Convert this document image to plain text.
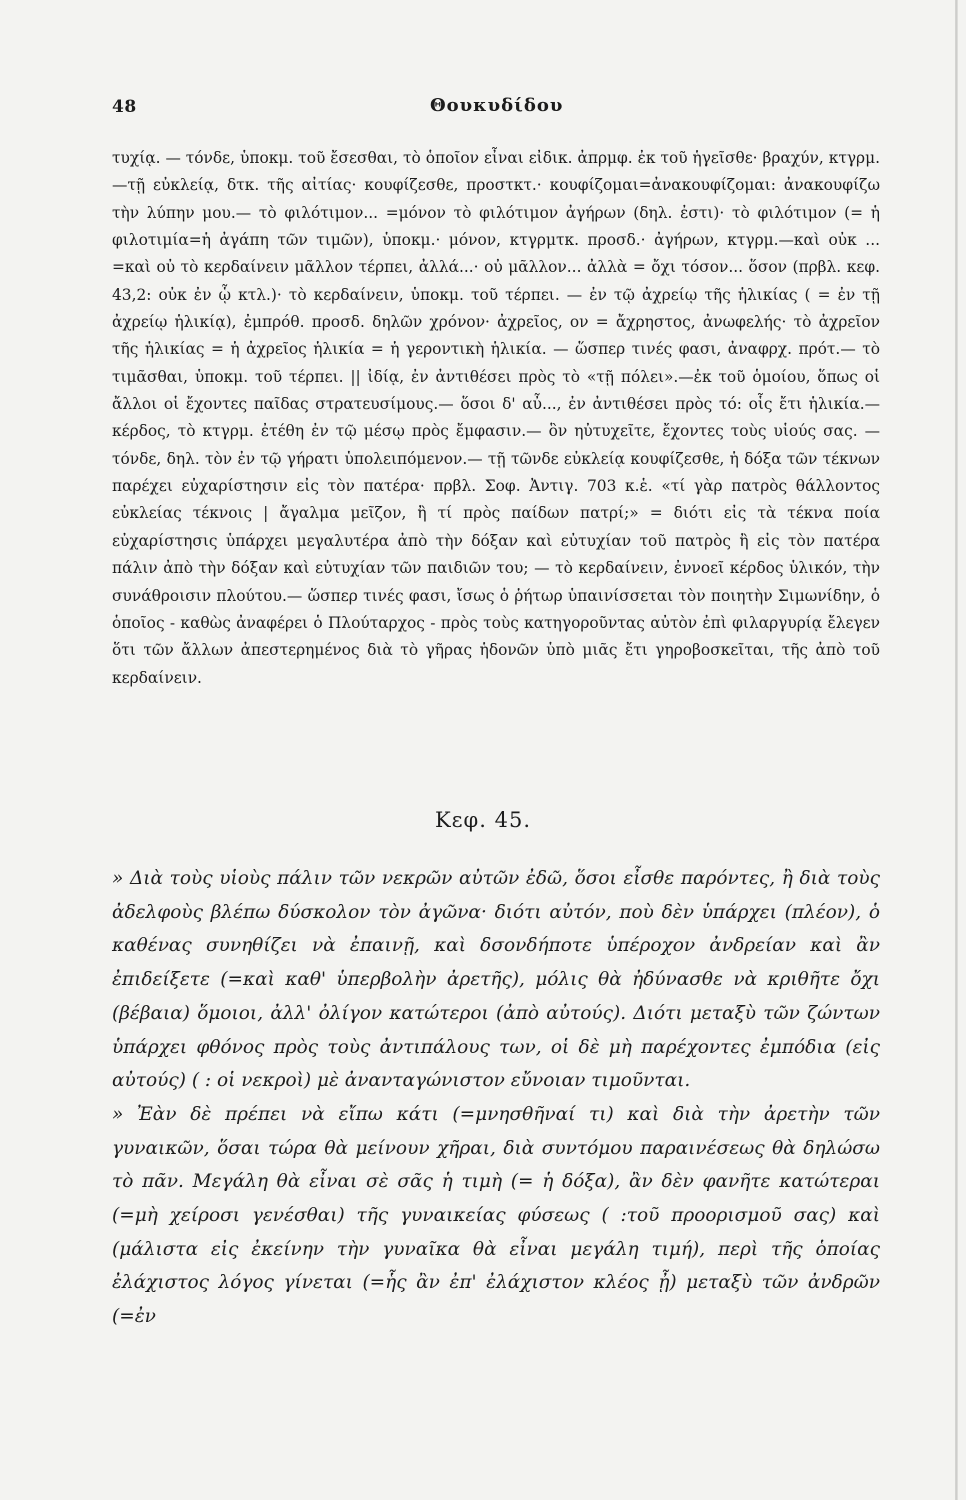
48	Θουκυδίδου

τυχίᾳ. — τόνδε, ὑποκμ. τοῦ ἔσεσθαι, τὸ ὁποῖον εἶναι εἰδικ. ἀπρμφ. ἐκ τοῦ ἡγεῖσθε· βραχύν, κτγρμ.—τῇ εὐκλείᾳ, δτκ. τῆς αἰτίας· κουφίζεσθε, προστκτ.· κουφίζομαι=ἀνακουφίζομαι: ἀνακουφίζω τὴν λύπην μου.— τὸ φιλότιμον... =μόνον τὸ φιλότιμον ἀγήρων (δηλ. ἐστι)· τὸ φιλότιμον (= ἡ φιλοτιμία=ἡ ἀγάπη τῶν τιμῶν), ὑποκμ.· μόνον, κτγρμτκ. προσδ.· ἀγήρων, κτγρμ.—καὶ οὐκ ... =καὶ οὐ τὸ κερδαίνειν μᾶλλον τέρπει, ἀλλά...· οὐ μᾶλλον... ἀλλὰ = ὄχι τόσον... ὅσον (πρβλ. κεφ. 43,2: οὐκ ἐν ᾧ κτλ.)· τὸ κερδαίνειν, ὑποκμ. τοῦ τέρπει. — ἐν τῷ ἀχρείῳ τῆς ἡλικίας ( = ἐν τῇ ἀχρείῳ ἡλικίᾳ), ἐμπρόθ. προσδ. δηλῶν χρόνον· ἀχρεῖος, ον = ἄχρηστος, ἀνωφελής· τὸ ἀχρεῖον τῆς ἡλικίας = ἡ ἀχρεῖος ἡλικία = ἡ γεροντικὴ ἡλικία. — ὥσπερ τινές φασι, ἀναφρχ. πρότ.— τὸ τιμᾶσθαι, ὑποκμ. τοῦ τέρπει. || ἰδίᾳ, ἐν ἀντιθέσει πρὸς τὸ «τῇ πόλει».—ἐκ τοῦ ὁμοίου, ὅπως οἱ ἄλλοι οἱ ἔχοντες παῖδας στρατευσίμους.— ὅσοι δ' αὖ..., ἐν ἀντιθέσει πρὸς τό: οἷς ἔτι ἡλικία.— κέρδος, τὸ κτγρμ. ἐτέθη ἐν τῷ μέσῳ πρὸς ἔμφασιν.— ὃν ηὐτυχεῖτε, ἔχοντες τοὺς υἱούς σας. — τόνδε, δηλ. τὸν ἐν τῷ γήρατι ὑπολειπόμενον.— τῇ τῶνδε εὐκλείᾳ κουφίζεσθε, ἡ δόξα τῶν τέκνων παρέχει εὐχαρίστησιν εἰς τὸν πατέρα· πρβλ. Σοφ. Ἀντιγ. 703 κ.ἑ. «τί γὰρ πατρὸς θάλλοντος εὐκλείας τέκνοις | ἄγαλμα μεῖζον, ἢ τί πρὸς παίδων πατρί;» = διότι εἰς τὰ τέκνα ποία εὐχαρίστησις ὑπάρχει μεγαλυτέρα ἀπὸ τὴν δόξαν καὶ εὐτυχίαν τοῦ πατρὸς ἢ εἰς τὸν πατέρα πάλιν ἀπὸ τὴν δόξαν καὶ εὐτυχίαν τῶν παιδιῶν του; — τὸ κερδαίνειν, ἐννοεῖ κέρδος ὑλικόν, τὴν συνάθροισιν πλούτου.— ὥσπερ τινές φασι, ἴσως ὁ ῥήτωρ ὑπαινίσσεται τὸν ποιητὴν Σιμωνίδην, ὁ ὁποῖος - καθὼς ἀναφέρει ὁ Πλούταρχος - πρὸς τοὺς κατηγοροῦντας αὐτὸν ἐπὶ φιλαργυρίᾳ ἔλεγεν ὅτι τῶν ἄλλων ἀπεστερημένος διὰ τὸ γῆρας ἡδονῶν ὑπὸ μιᾶς ἔτι γηροβοσκεῖται, τῆς ἀπὸ τοῦ κερδαίνειν.

Κεφ. 45.

» Διὰ τοὺς υἱοὺς πάλιν τῶν νεκρῶν αὐτῶν ἐδῶ, ὅσοι εἶσθε παρόντες, ἢ διὰ τοὺς ἀδελφοὺς βλέπω δύσκολον τὸν ἀγῶνα· διότι αὐτόν, ποὺ δὲν ὑπάρχει (πλέον), ὁ καθένας συνηθίζει νὰ ἐπαινῇ, καὶ δσονδήποτε ὑπέροχον ἀνδρείαν καὶ ἂν ἐπιδείξετε (=καὶ καθ' ὑπερβολὴν ἀρετῆς), μόλις θὰ ἠδύνασθε νὰ κριθῆτε ὄχι (βέβαια) ὅμοιοι, ἀλλ' ὀλίγον κατώτεροι (ἀπὸ αὐτούς). Διότι μεταξὺ τῶν ζώντων ὑπάρχει φθόνος πρὸς τοὺς ἀντιπάλους των, οἱ δὲ μὴ παρέχοντες ἐμπόδια (εἰς αὐτούς) ( : οἱ νεκροὶ) μὲ ἀνανταγώνιστον εὔνοιαν τιμοῦνται.

» Ἐὰν δὲ πρέπει νὰ εἴπω κάτι (=μνησθῆναί τι) καὶ διὰ τὴν ἀρετὴν τῶν γυναικῶν, ὅσαι τώρα θὰ μείνουν χῆραι, διὰ συντόμου παραινέσεως θὰ δηλώσω τὸ πᾶν. Μεγάλη θὰ εἶναι σὲ σᾶς ἡ τιμὴ (= ἡ δόξα), ἂν δὲν φανῆτε κατώτεραι (=μὴ χείροσι γενέσθαι) τῆς γυναικείας φύσεως ( :τοῦ προορισμοῦ σας) καὶ (μάλιστα εἰς ἐκείνην τὴν γυναῖκα θὰ εἶναι μεγάλη τιμή), περὶ τῆς ὁποίας ἐλάχιστος λόγος γίνεται (=ἧς ἂν ἐπ' ἐλάχιστον κλέος ᾖ) μεταξὺ τῶν ἀνδρῶν (=ἐν
